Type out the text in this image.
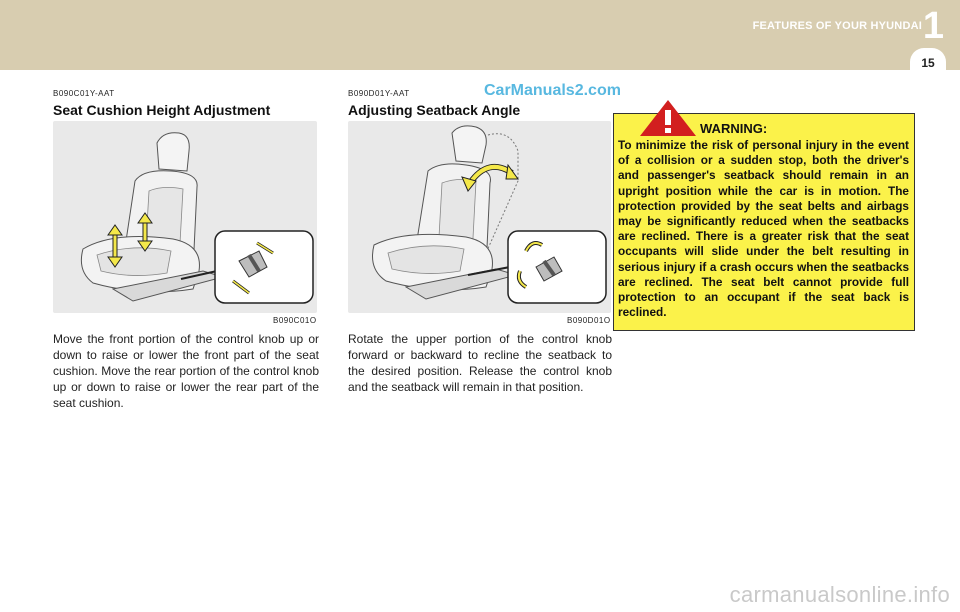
FEATURES OF YOUR HYUNDAI 1
15
CarManuals2.com
B090C01Y-AAT
Seat Cushion Height Adjustment
B090C01O
Move the front portion of the control knob up or down to raise or lower the front part of the seat cushion. Move the rear portion of the control knob up or down to raise or lower the rear part of the seat cushion.
B090D01Y-AAT
Adjusting Seatback Angle
B090D01O
Rotate the upper portion of the control knob forward or backward to recline the seatback to the desired position. Release the control knob and the seatback will remain in that position.
WARNING:
To minimize the risk of personal injury in the event of a collision or a sudden stop, both the driver's and passenger's seatback should remain in an upright position while the car is in motion. The protection provided by the seat belts and airbags may be significantly reduced when the seatbacks are reclined. There is a greater risk that the seat occupants will slide under the belt resulting in serious injury if a crash occurs when the seatbacks are reclined. The seat belt cannot provide full protection to an occupant if the seat back is reclined.
carmanualsonline.info
